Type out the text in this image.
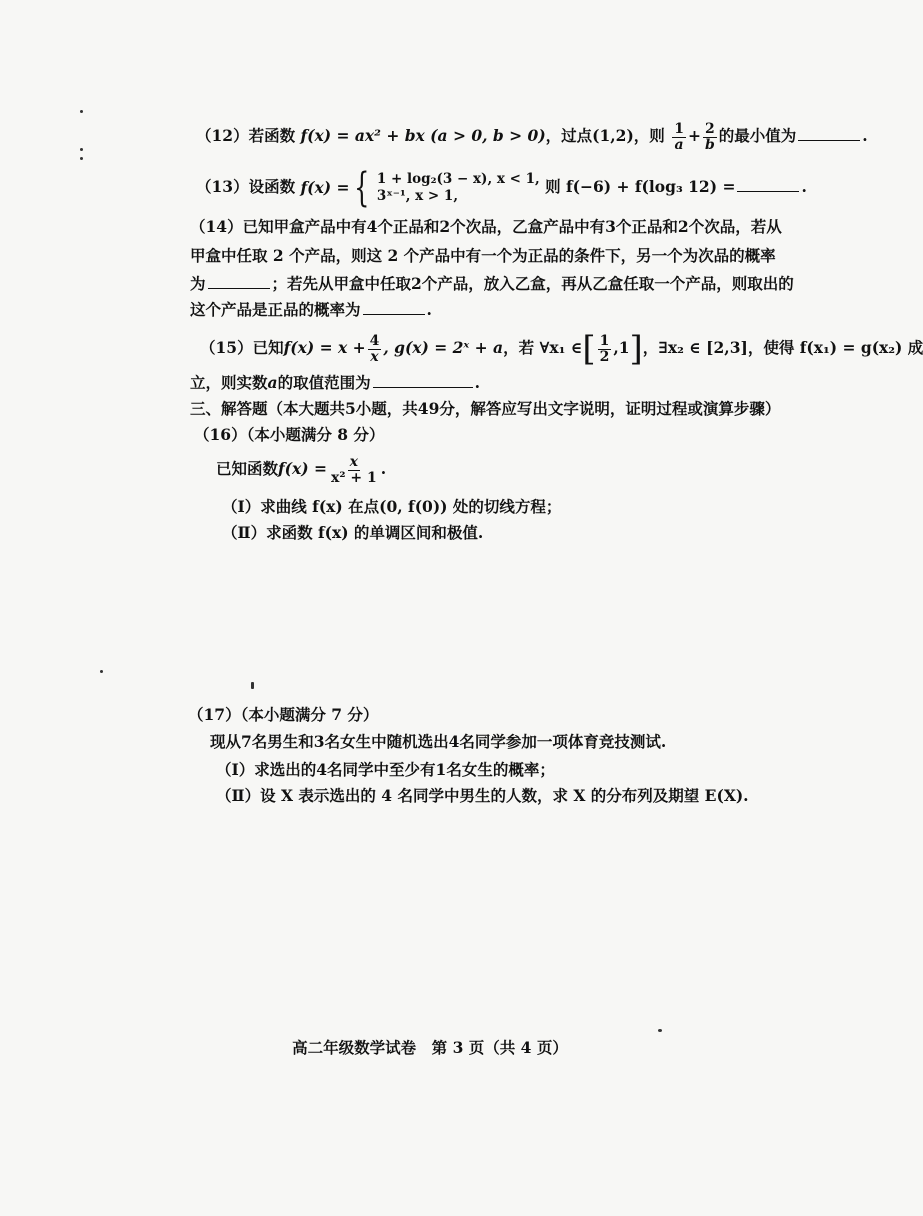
（12）若函数 f(x) = ax² + bx (a > 0, b > 0)，过点(1,2)，则 $\frac{1}{a} + \frac{2}{b}$ 的最小值为	.
（13）设函数 f(x) = { 1 + log₂(3 − x), x < 1,
3ˣ⁻¹, x > 1,	则 f(−6) + f(log₃ 12) =	.
（14）已知甲盒产品中有4个正品和2个次品，乙盒产品中有3个正品和2个次品，若从
甲盒中任取 2 个产品，则这 2 个产品中有一个为正品的条件下，另一个为次品的概率
为	；若先从甲盒中任取2个产品，放入乙盒，再从乙盒任取一个产品，则取出的
这个产品是正品的概率为	.
（15）已知$f(x) = x + \frac{4}{x}$ , g(x) = 2ˣ + a，若 ∀x₁ ∈[ $\frac{1}{2} ,1$]，∃x₂ ∈ [2,3]，使得 f(x₁) = g(x₂) 成
立，则实数a的取值范围为	.
三、解答题（本大题共5小题，共49分，解答应写出文字说明，证明过程或演算步骤）
（16）（本小题满分 8 分）
已知函数$f(x) = \frac{x}{\text{x² + 1}}$ .
（Ⅰ）求曲线 f(x) 在点(0, f(0)) 处的切线方程；
（Ⅱ）求函数 f(x) 的单调区间和极值.
（17）（本小题满分 7 分）
现从7名男生和3名女生中随机选出4名同学参加一项体育竞技测试.
（Ⅰ）求选出的4名同学中至少有1名女生的概率；
（Ⅱ）设 X 表示选出的 4 名同学中男生的人数，求 X 的分布列及期望 E(X).
高二年级数学试卷　第 3 页（共 4 页）
